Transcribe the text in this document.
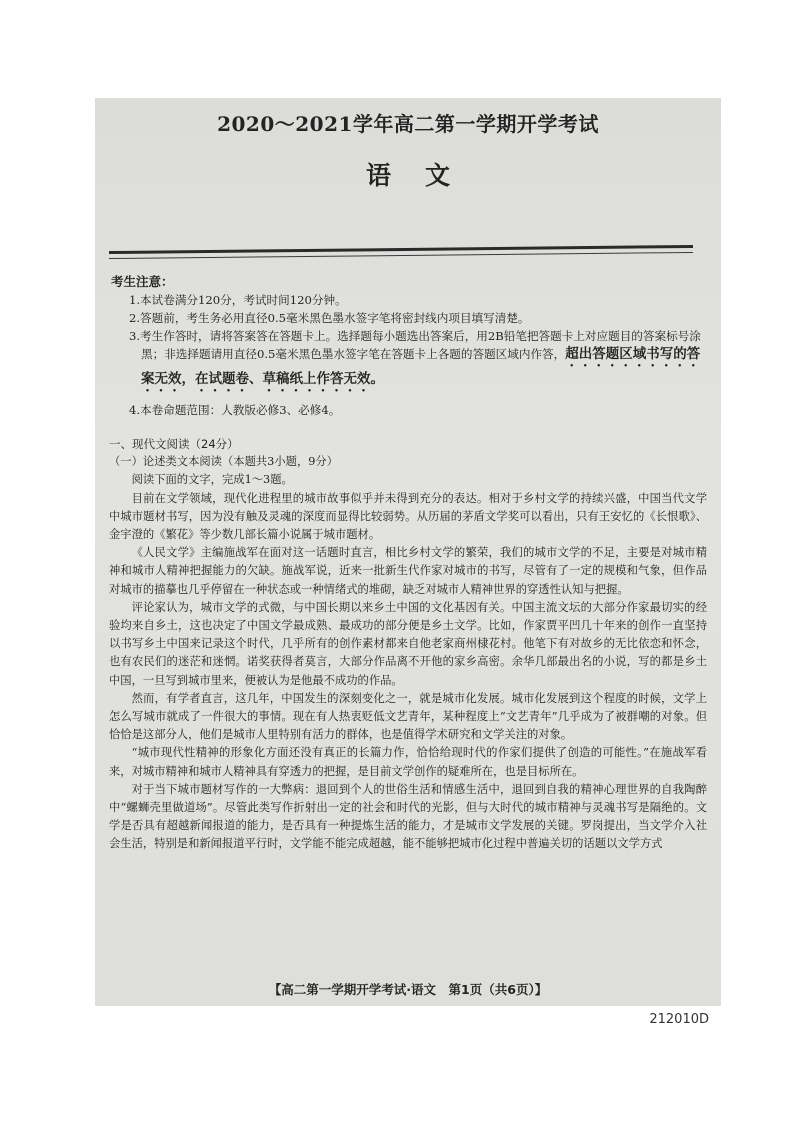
2020～2021学年高二第一学期开学考试
语文
考生注意：
1.本试卷满分120分，考试时间120分钟。
2.答题前，考生务必用直径0.5毫米黑色墨水签字笔将密封线内项目填写清楚。
3.考生作答时，请将答案答在答题卡上。选择题每小题选出答案后，用2B铅笔把答题卡上对应题目的答案标号涂黑；非选择题请用直径0.5毫米黑色墨水签字笔在答题卡上各题的答题区域内作答，超出答题区域书写的答案无效，在试题卷、草稿纸上作答无效。
4.本卷命题范围：人教版必修3、必修4。

一、现代文阅读（24分）

（一）论述类文本阅读（本题共3小题，9分）

阅读下面的文字，完成1～3题。

目前在文学领域，现代化进程里的城市故事似乎并未得到充分的表达。相对于乡村文学的持续兴盛，中国当代文学中城市题材书写，因为没有触及灵魂的深度而显得比较弱势。从历届的茅盾文学奖可以看出，只有王安忆的《长恨歌》、金宇澄的《繁花》等少数几部长篇小说属于城市题材。

《人民文学》主编施战军在面对这一话题时直言，相比乡村文学的繁荣，我们的城市文学的不足，主要是对城市精神和城市人精神把握能力的欠缺。施战军说，近来一批新生代作家对城市的书写，尽管有了一定的规模和气象，但作品对城市的描摹也几乎停留在一种状态或一种情绪式的堆砌，缺乏对城市人精神世界的穿透性认知与把握。

评论家认为，城市文学的式微，与中国长期以来乡土中国的文化基因有关。中国主流文坛的大部分作家最切实的经验均来自乡土，这也决定了中国文学最成熟、最成功的部分便是乡土文学。比如，作家贾平凹几十年来的创作一直坚持以书写乡土中国来记录这个时代，几乎所有的创作素材都来自他老家商州棣花村。他笔下有对故乡的无比依恋和怀念，也有农民们的迷茫和迷惘。诺奖获得者莫言，大部分作品离不开他的家乡高密。余华几部最出名的小说，写的都是乡土中国，一旦写到城市里来，便被认为是他最不成功的作品。

然而，有学者直言，这几年，中国发生的深刻变化之一，就是城市化发展。城市化发展到这个程度的时候，文学上怎么写城市就成了一件很大的事情。现在有人热衷贬低文艺青年，某种程度上“文艺青年”几乎成为了被群嘲的对象。但恰恰是这部分人，他们是城市人里特别有活力的群体，也是值得学术研究和文学关注的对象。

“城市现代性精神的形象化方面还没有真正的长篇力作，恰恰给现时代的作家们提供了创造的可能性。”在施战军看来，对城市精神和城市人精神具有穿透力的把握，是目前文学创作的疑难所在，也是目标所在。

对于当下城市题材写作的一大弊病：退回到个人的世俗生活和情感生活中，退回到自我的精神心理世界的自我陶醉中“螺蛳壳里做道场”。尽管此类写作折射出一定的社会和时代的光影，但与大时代的城市精神与灵魂书写是隔绝的。文学是否具有超越新闻报道的能力，是否具有一种提炼生活的能力，才是城市文学发展的关键。罗岗提出，当文学介入社会生活，特别是和新闻报道平行时，文学能不能完成超越，能不能够把城市化过程中普遍关切的话题以文学方式

【高二第一学期开学考试·语文　第1页（共6页）】
212010D
